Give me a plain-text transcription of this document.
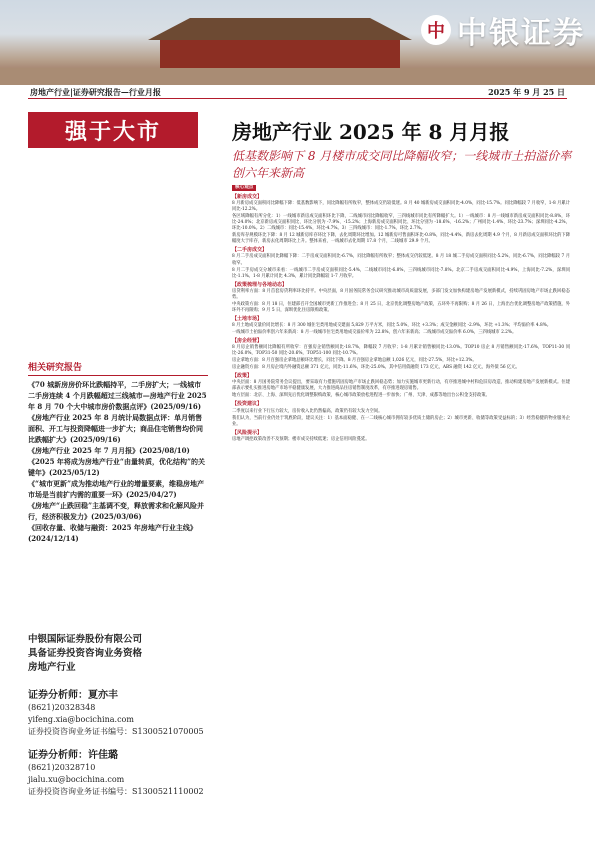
中 中银证券
房地产行业|证券研究报告—行业月报	2025 年 9 月 25 日
强于大市	房地产行业 2025 年 8 月月报
低基数影响下 8 月楼市成交同比降幅收窄；一线城市土拍溢价率创六年来新高
核心观点
【新房成交】

8 月新房成交面积同比降幅下降：低基数影响下，同比降幅有所收窄，整体成交仍较低迷。8 月 40 城新房成交面积同比-4.0%，同比-15.7%。同比降幅较 7 月收窄，1-8 月累计同比-12.2%。

各区域降幅有所分化：1）一线城市新房成交面积环比下降，二线城市同比降幅收窄，三四线城市同比有所降幅扩大。1）一线城市：8 月一线城市新房成交面积同比-8.8%，环比-24.0%；北京新房成交面积同比、环比分别为 -7.9%、-15.2%；上海新房成交面积同比、环比分别为 -18.6%、-16.2%；广州同比-1.4%、环比-23.7%；深圳同比-4.2%，环比-10.0%。2）二线城市：同比-15.4%，环比-4.7%。3）三四线城市：同比-1.7%，环比 2.7%。

新房库存规模环比下降：8 月 12 城新房库存环比下降，去化周期环比增加。12 城新房可售面积环比-0.8%，同比-4.4%，新房去化周期 4.9 个月，8 月新房成交面积环比的下降幅度大于库存，新房去化周期环比上升。整体来看，一线城市去化周期 17.8 个月，二线城市 29.9 个月。

【二手房成交】

8 月二手房成交面积同比降幅下降：二手房成交面积同比-6.7%，同比降幅有所收窄；整体成交仍较低迷。8 月 18 城二手房成交面积同比-5.2%，同比-6.7%，同比降幅较 7 月收窄。

8 月二手房成交分城市来看：一线城市二手房成交面积同比-5.4%，二线城市同比-6.8%，三四线城市同比-7.8%。北京二手房成交面积同比-4.9%，上海同比-7.2%，深圳同比-1.1%。1-8 月累计同比 4.3%，累计同比降幅较 1-7 月收窄。

【政策梳理与各地动态】

房贷利率方面：8 月首套房贷利率环比持平。中央层面，8 月国务院常务会议研究推动城市高质量发展，多部门发文加快构建房地产发展新模式，持续巩固房地产市场止跌回稳态势。

中央政策方面：8 月 18 日，住建部召开全国城市更新工作推进会；8 月 25 日，北京优化调整房地产政策，五环外不再限购；8 月 26 日，上海出台优化调整房地产政策措施，外环外不再限购；9 月 5 日，深圳优化住房限购政策。

【土地市场】

8 月土地成交量价同比增长：8 月 300 城住宅类用地成交建面 5,829 万平方米，同比 5.0%，环比 +3.3%；成交金额同比 -2.9%，环比 +1.3%；平均溢价率 4.8%。

一线城市土拍溢价率创六年来新高：8 月一线城市住宅类用地成交溢价率为 22.8%，创六年来新高；二线城市成交溢价率 6.0%，三四线城市 2.2%。

【房企经营】

8 月房企销售额同比降幅有所收窄：百强房企销售额同比-18.7%，降幅较 7 月收窄；1-8 月累计销售额同比-13.0%。TOP10 房企 8 月销售额同比-17.6%，TOP11-30 同比-26.0%，TOP31-50 同比-20.6%，TOP51-100 同比-10.7%。

房企拿地方面：8 月百强房企拿地总额环比增长，同比下降。8 月百强房企拿地总额 1,026 亿元，同比-27.5%，环比+12.3%。

房企融资方面：8 月房企境内外融资总额 371 亿元，同比-11.6%，环比-25.0%。其中信用债融资 173 亿元，ABS 融资 142 亿元，海外债 56 亿元。

【政策】

中央层面：8 月国务院常务会议提出，要采取有力措施巩固房地产市场止跌回稳态势；加力实施城市更新行动，有序推进城中村和危旧房改造，推动构建房地产发展新模式。住建部表示要扎实推进房地产市场平稳健康发展，大力推进商品住房销售制度改革，有序推进现房销售。

地方层面：北京、上海、深圳先后优化调整限购政策，核心城市政策放松进程进一步加快；广州、天津、成都等地出台公积金支持政策。

【投资建议】

二季度以来行业下行压力较大，房价收入比仍然偏高，政策仍有较大发力空间。

我们认为，当前行业仍处于筑底阶段，建议关注：1）基本面稳健、在一二线核心城市拥有较多优质土储的房企；2）城市更新、收储等政策受益标的；3）经营稳健的物业服务企业。

【风险提示】

房地产调控政策改善不及预期；楼市成交持续低迷；房企信用风险蔓延。

相关研究报告
《70 城新房房价环比跌幅持平，二手房扩大；一线城市二手房连续 4 个月跌幅超过三线城市—房地产行业 2025 年 8 月 70 个大中城市房价数据点评》(2025/09/16)
《房地产行业 2025 年 8 月统计局数据点评：单月销售面积、开工与投资降幅进一步扩大；商品住宅销售均价同比跌幅扩大》(2025/09/16)
《房地产行业 2025 年 7 月月报》(2025/08/10)
《2025 年将成为房地产行业“由量转质，优化结构”的关键年》(2025/05/12)
《“城市更新”成为推动地产行业的增量要素，维稳房地产市场是当前扩内需的重要一环》(2025/04/27)
《房地产“止跌回稳”主基调不变，释放需求和化解风险并行，经济积极发力》(2025/03/06)
《回收存量、收储与融资：2025 年房地产行业主线》(2024/12/14)
中银国际证券股份有限公司
具备证券投资咨询业务资格
房地产行业
证券分析师：夏亦丰
(8621)20328348
yifeng.xia@bocichina.com
证券投资咨询业务证书编号：S1300521070005
证券分析师：许佳璐
(8621)20328710
jialu.xu@bocichina.com
证券投资咨询业务证书编号：S1300521110002
